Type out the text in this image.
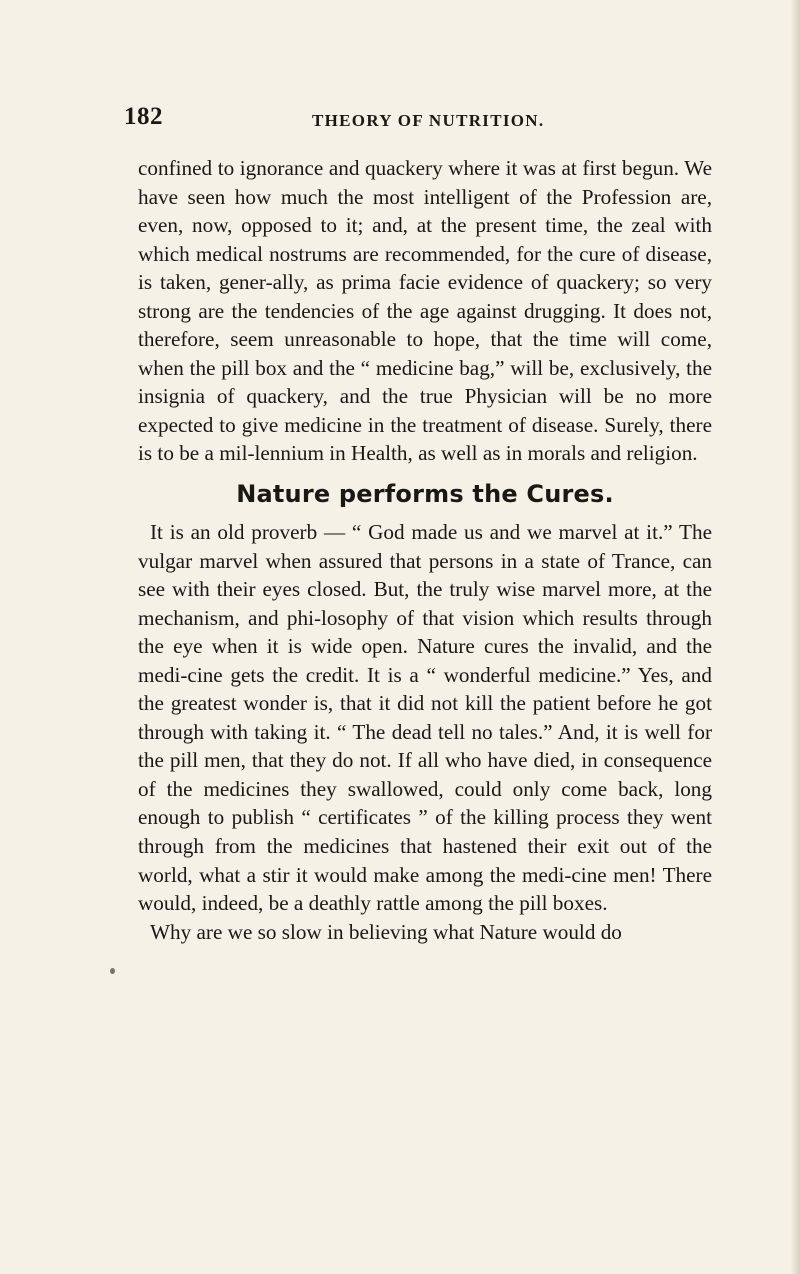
182	THEORY OF NUTRITION.

confined to ignorance and quackery where it was at first begun. We have seen how much the most intelligent of the Profession are, even, now, opposed to it; and, at the present time, the zeal with which medical nostrums are recommended, for the cure of disease, is taken, gener-ally, as prima facie evidence of quackery; so very strong are the tendencies of the age against drugging. It does not, therefore, seem unreasonable to hope, that the time will come, when the pill box and the “ medicine bag,” will be, exclusively, the insignia of quackery, and the true Physician will be no more expected to give medicine in the treatment of disease. Surely, there is to be a mil-lennium in Health, as well as in morals and religion.

Nature performs the Cures.

It is an old proverb — “ God made us and we marvel at it.” The vulgar marvel when assured that persons in a state of Trance, can see with their eyes closed. But, the truly wise marvel more, at the mechanism, and phi-losophy of that vision which results through the eye when it is wide open. Nature cures the invalid, and the medi-cine gets the credit. It is a “ wonderful medicine.” Yes, and the greatest wonder is, that it did not kill the patient before he got through with taking it. “ The dead tell no tales.” And, it is well for the pill men, that they do not. If all who have died, in consequence of the medicines they swallowed, could only come back, long enough to publish “ certificates ” of the killing process they went through from the medicines that hastened their exit out of the world, what a stir it would make among the medi-cine men! There would, indeed, be a deathly rattle among the pill boxes.

Why are we so slow in believing what Nature would do
